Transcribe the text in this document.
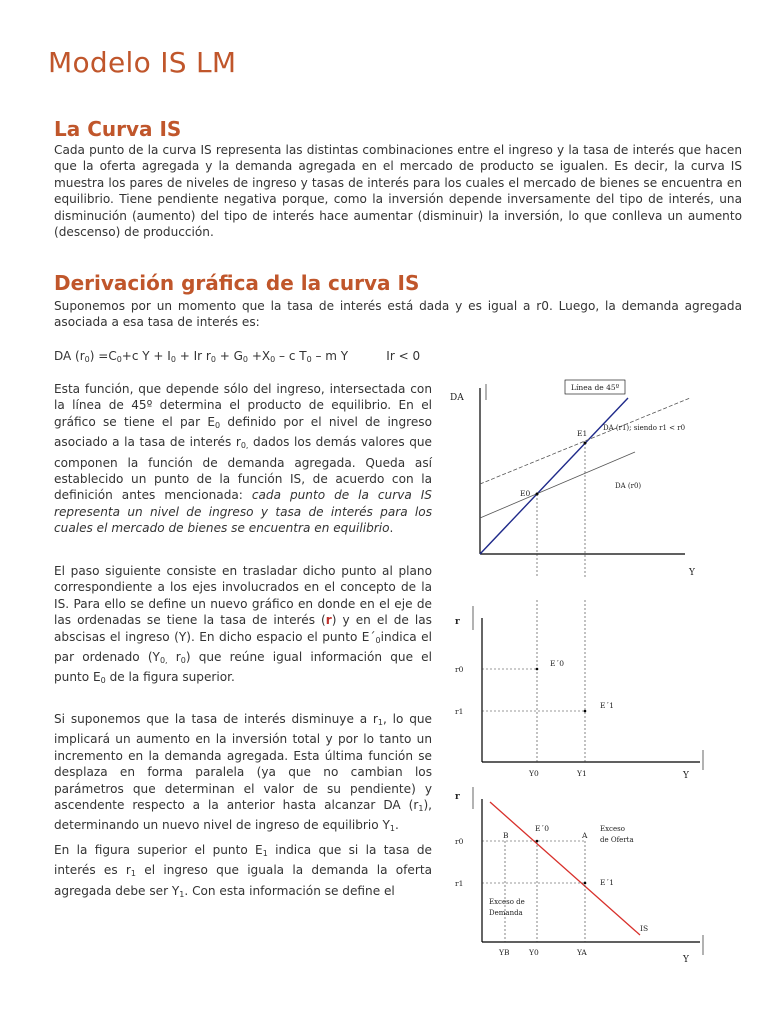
Modelo IS LM
La Curva IS
Cada punto de la curva IS representa las distintas combinaciones entre el ingreso y la tasa de interés que hacen que la oferta agregada y la demanda agregada en el mercado de producto se igualen. Es decir, la curva IS muestra los pares de niveles de ingreso y tasas de interés para los cuales el mercado de bienes se encuentra en equilibrio. Tiene pendiente negativa porque, como la inversión depende inversamente del tipo de interés, una disminución (aumento) del tipo de interés hace aumentar (disminuir) la inversión, lo que conlleva un aumento (descenso) de producción.
Derivación gráfica de la curva IS
Suponemos por un momento que la tasa de interés está dada y es igual a r0. Luego, la demanda agregada asociada a esa tasa de interés es:
DA $(r_0) =C_0+c$ $Y + I_0 + Ir$ $r_0 + G_0 +X_0 - c$ $T_0$ – m Y	Ir < 0
Esta función, que depende sólo del ingreso, intersectada con la línea de 45º determina el producto de equilibrio. En el gráfico se tiene el par $E_0$ definido por el nivel de ingreso asociado a la tasa de interés $r_{0,}$ dados los demás valores que componen la función de demanda agregada. Queda así establecido un punto de la función IS, de acuerdo con la definición antes mencionada: cada punto de la curva IS representa un nivel de ingreso y tasa de interés para los cuales el mercado de bienes se encuentra en equilibrio.
El paso siguiente consiste en trasladar dicho punto al plano correspondiente a los ejes involucrados en el concepto de la IS. Para ello se define un nuevo gráfico en donde en el eje de las ordenadas se tiene la tasa de interés (r) y en el de las abscisas el ingreso (Y). En dicho espacio el punto $E´_0indica$ el par ordenado ($Y_{0,}$ $r_0$) que reúne igual información que el punto $E_0$ de la figura superior.
Si suponemos que la tasa de interés disminuye a $r_1$, lo que implicará un aumento en la inversión total y por lo tanto un incremento en la demanda agregada. Esta última función se desplaza en forma paralela (ya que no cambian los parámetros que determinan el valor de su pendiente) y ascendente respecto a la anterior hasta alcanzar DA $(r_1)$, determinando un nuevo nivel de ingreso de equilibrio $Y_1$.
En la figura superior el punto $E_1$ indica que si la tasa de interés es $r_1$ el ingreso que iguala la demanda la oferta agregada debe ser $Y_1$. Con esta información se define el
DA
Y
Línea de 45º
DA (r1); siendo r1 < r0
DA (r0)
E1
E0
r
Y
r0
r1
Y0	Y1
E´0
E´1
r
Y
IS
r0
r1
YB	Y0	YA
B	A
E´0
E´1
Exceso de Oferta
Exceso de Demanda
